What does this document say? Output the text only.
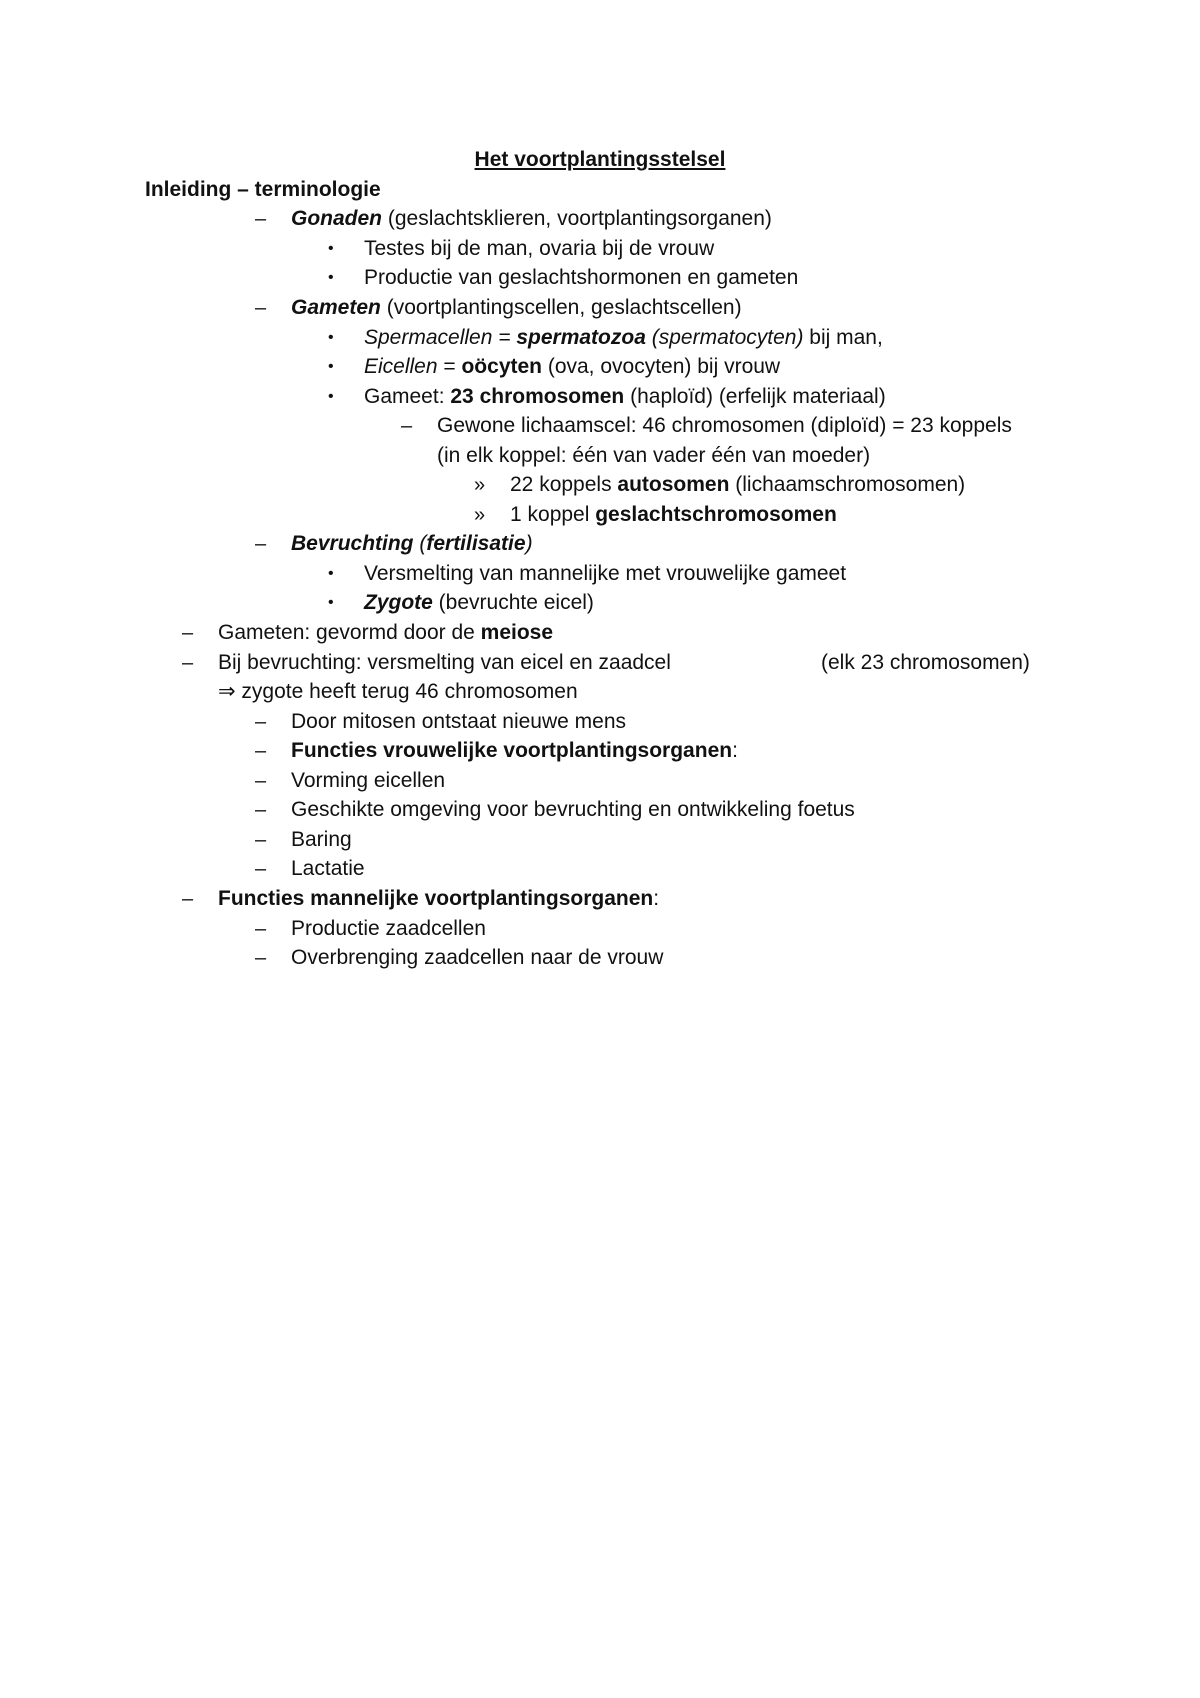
Het voortplantingsstelsel
Inleiding – terminologie
– Gonaden (geslachtsklieren, voortplantingsorganen)
• Testes bij de man, ovaria bij de vrouw
• Productie van geslachtshormonen en gameten
– Gameten (voortplantingscellen, geslachtscellen)
• Spermacellen = spermatozoa (spermatocyten) bij man,
• Eicellen = oöcyten (ova, ovocyten) bij vrouw
• Gameet: 23 chromosomen (haploïd) (erfelijk materiaal)
– Gewone lichaamscel: 46 chromosomen (diploïd) = 23 koppels
(in elk koppel: één van vader één van moeder)
» 22 koppels autosomen (lichaamschromosomen)
» 1 koppel geslachtschromosomen
– Bevruchting (fertilisatie)
• Versmelting van mannelijke met vrouwelijke gameet
• Zygote (bevruchte eicel)
– Gameten: gevormd door de meiose
– Bij bevruchting: versmelting van eicel en zaadcel	(elk 23 chromosomen)
⇒ zygote heeft terug 46 chromosomen
– Door mitosen ontstaat nieuwe mens
– Functies vrouwelijke voortplantingsorganen:
– Vorming eicellen
– Geschikte omgeving voor bevruchting en ontwikkeling foetus
– Baring
– Lactatie
– Functies mannelijke voortplantingsorganen:
– Productie zaadcellen
– Overbrenging zaadcellen naar de vrouw
